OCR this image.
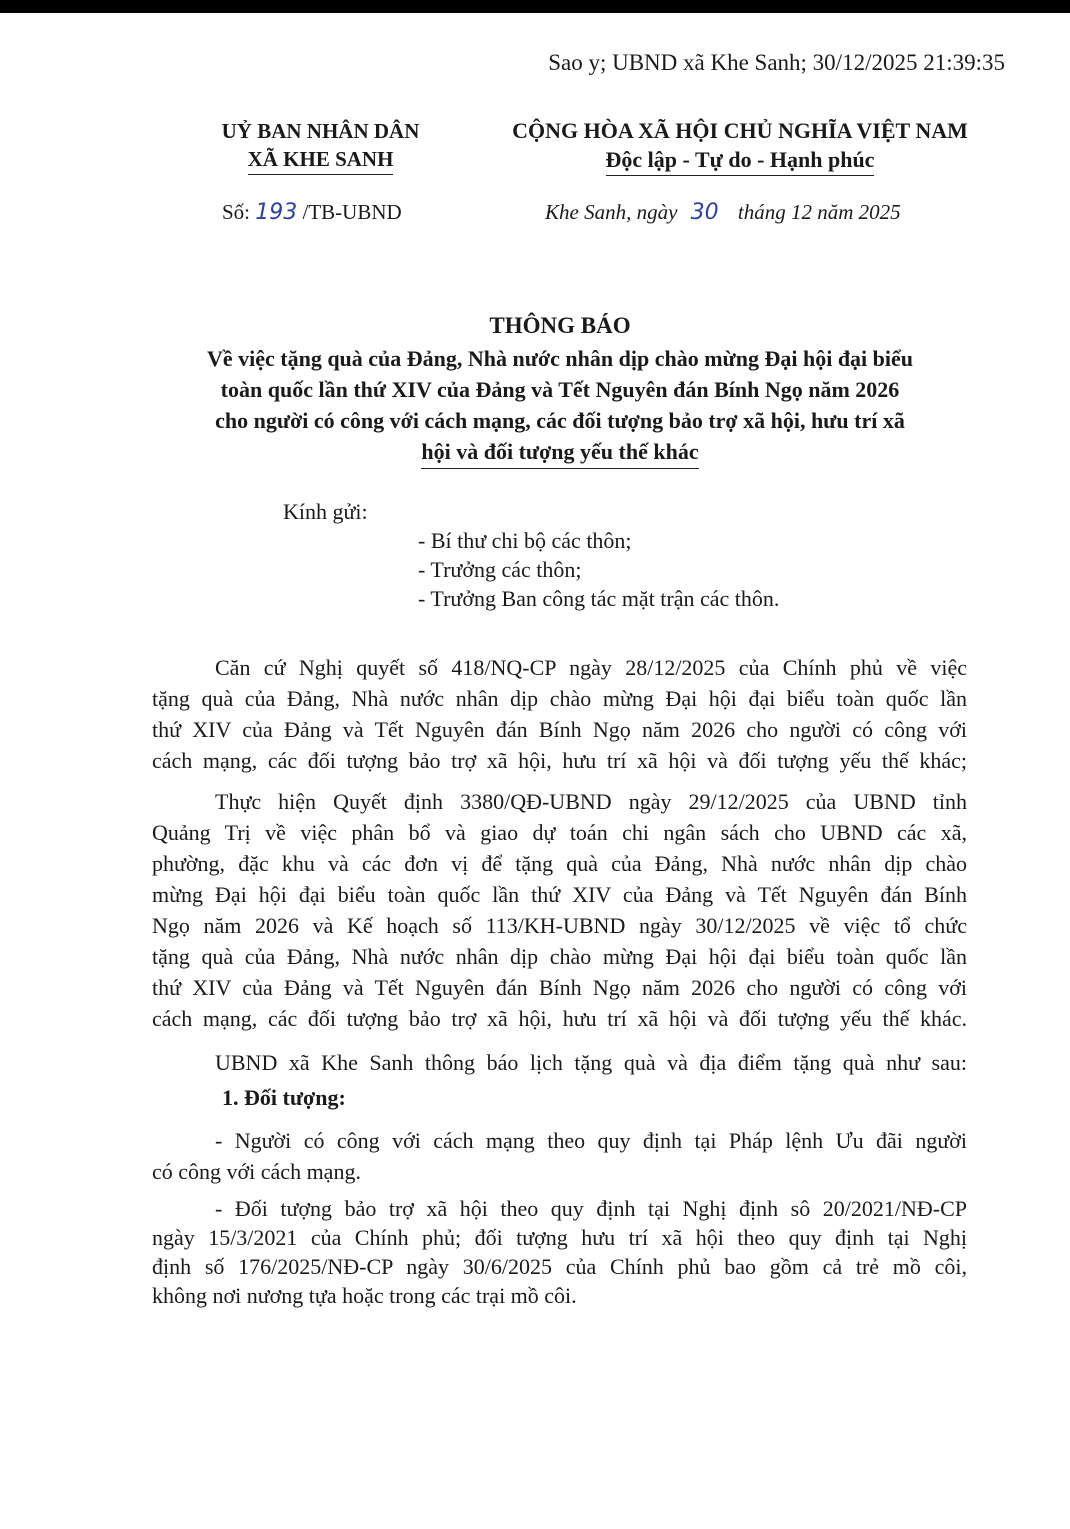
Sao y; UBND xã Khe Sanh; 30/12/2025 21:39:35
UỶ BAN NHÂN DÂN
XÃ KHE SANH
CỘNG HÒA XÃ HỘI CHỦ NGHĨA VIỆT NAM
Độc lập - Tự do - Hạnh phúc
Số: 193 /TB-UBND	Khe Sanh, ngày 30 tháng 12 năm 2025
THÔNG BÁO
Về việc tặng quà của Đảng, Nhà nước nhân dịp chào mừng Đại hội đại biểu
toàn quốc lần thứ XIV của Đảng và Tết Nguyên đán Bính Ngọ năm 2026
cho người có công với cách mạng, các đối tượng bảo trợ xã hội, hưu trí xã
hội và đối tượng yếu thế khác
Kính gửi:
- Bí thư chi bộ các thôn;
- Trưởng các thôn;
- Trưởng Ban công tác mặt trận các thôn.

Căn cứ Nghị quyết số 418/NQ-CP ngày 28/12/2025 của Chính phủ về việc

tặng quà của Đảng, Nhà nước nhân dịp chào mừng Đại hội đại biểu toàn quốc lần

thứ XIV của Đảng và Tết Nguyên đán Bính Ngọ năm 2026 cho người có công với

cách mạng, các đối tượng bảo trợ xã hội, hưu trí xã hội và đối tượng yếu thế khác;

Thực hiện Quyết định 3380/QĐ-UBND ngày 29/12/2025 của UBND tỉnh

Quảng Trị về việc phân bổ và giao dự toán chi ngân sách cho UBND các xã,

phường, đặc khu và các đơn vị để tặng quà của Đảng, Nhà nước nhân dịp chào

mừng Đại hội đại biểu toàn quốc lần thứ XIV của Đảng và Tết Nguyên đán Bính

Ngọ năm 2026 và Kế hoạch số 113/KH-UBND ngày 30/12/2025 về việc tổ chức

tặng quà của Đảng, Nhà nước nhân dịp chào mừng Đại hội đại biểu toàn quốc lần

thứ XIV của Đảng và Tết Nguyên đán Bính Ngọ năm 2026 cho người có công với

cách mạng, các đối tượng bảo trợ xã hội, hưu trí xã hội và đối tượng yếu thế khác.

UBND xã Khe Sanh thông báo lịch tặng quà và địa điểm tặng quà như sau:

1. Đối tượng:

- Người có công với cách mạng theo quy định tại Pháp lệnh Ưu đãi người

có công với cách mạng.

- Đối tượng bảo trợ xã hội theo quy định tại Nghị định sô 20/2021/NĐ-CP

ngày 15/3/2021 của Chính phủ; đối tượng hưu trí xã hội theo quy định tại Nghị

định số 176/2025/NĐ-CP ngày 30/6/2025 của Chính phủ bao gồm cả trẻ mồ côi,

không nơi nương tựa hoặc trong các trại mồ côi.
